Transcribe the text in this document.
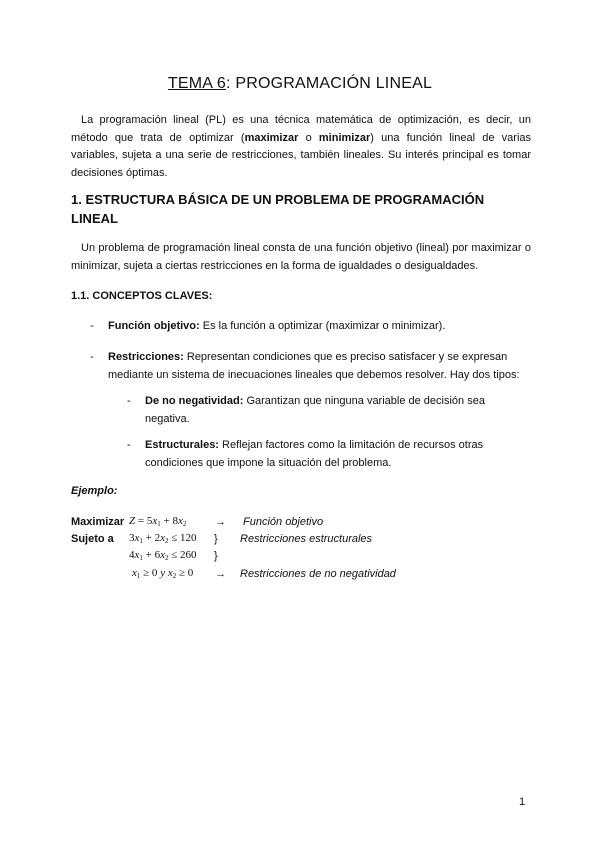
TEMA 6: PROGRAMACIÓN LINEAL
La programación lineal (PL) es una técnica matemática de optimización, es decir, un método que trata de optimizar (maximizar o minimizar) una función lineal de varias variables, sujeta a una serie de restricciones, también lineales. Su interés principal es tomar decisiones óptimas.
1. ESTRUCTURA BÁSICA DE UN PROBLEMA DE PROGRAMACIÓN LINEAL
Un problema de programación lineal consta de una función objetivo (lineal) por maximizar o minimizar, sujeta a ciertas restricciones en la forma de igualdades o desigualdades.
1.1. CONCEPTOS CLAVES:
- Función objetivo: Es la función a optimizar (maximizar o minimizar).
- Restricciones: Representan condiciones que es preciso satisfacer y se expresan mediante un sistema de inecuaciones lineales que debemos resolver. Hay dos tipos:
- De no negatividad: Garantizan que ninguna variable de decisión sea negativa.
- Estructurales: Reflejan factores como la limitación de recursos otras condiciones que impone la situación del problema.
Ejemplo:
Maximizar $Z = 5x_1 + 8x_2$	→ Función objetivo
Sujeto a $3x_1 + 2x_2 \le 120$ } Restricciones estructurales
$4x_1 + 6x_2 \le 260$ }
$x_1 \ge 0$ y $x_2 \ge 0$ → Restricciones de no negatividad
1
